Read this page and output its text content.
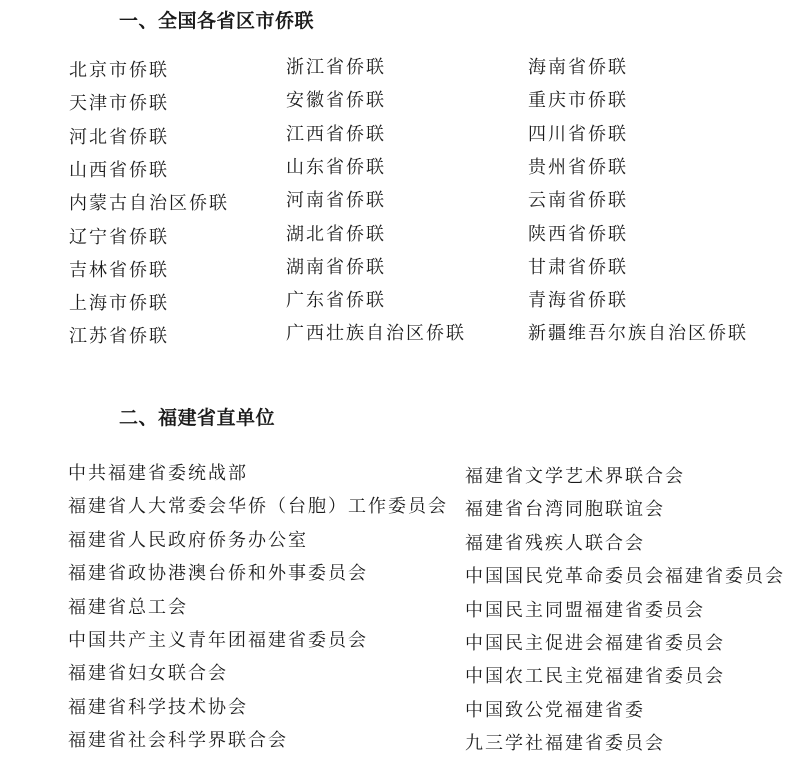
一、全国各省区市侨联
北京市侨联
天津市侨联
河北省侨联
山西省侨联
内蒙古自治区侨联
辽宁省侨联
吉林省侨联
上海市侨联
江苏省侨联
浙江省侨联
安徽省侨联
江西省侨联
山东省侨联
河南省侨联
湖北省侨联
湖南省侨联
广东省侨联
广西壮族自治区侨联
海南省侨联
重庆市侨联
四川省侨联
贵州省侨联
云南省侨联
陕西省侨联
甘肃省侨联
青海省侨联
新疆维吾尔族自治区侨联
二、福建省直单位
中共福建省委统战部
福建省人大常委会华侨（台胞）工作委员会
福建省人民政府侨务办公室
福建省政协港澳台侨和外事委员会
福建省总工会
中国共产主义青年团福建省委员会
福建省妇女联合会
福建省科学技术协会
福建省社会科学界联合会
福建省文学艺术界联合会
福建省台湾同胞联谊会
福建省残疾人联合会
中国国民党革命委员会福建省委员会
中国民主同盟福建省委员会
中国民主促进会福建省委员会
中国农工民主党福建省委员会
中国致公党福建省委
九三学社福建省委员会
